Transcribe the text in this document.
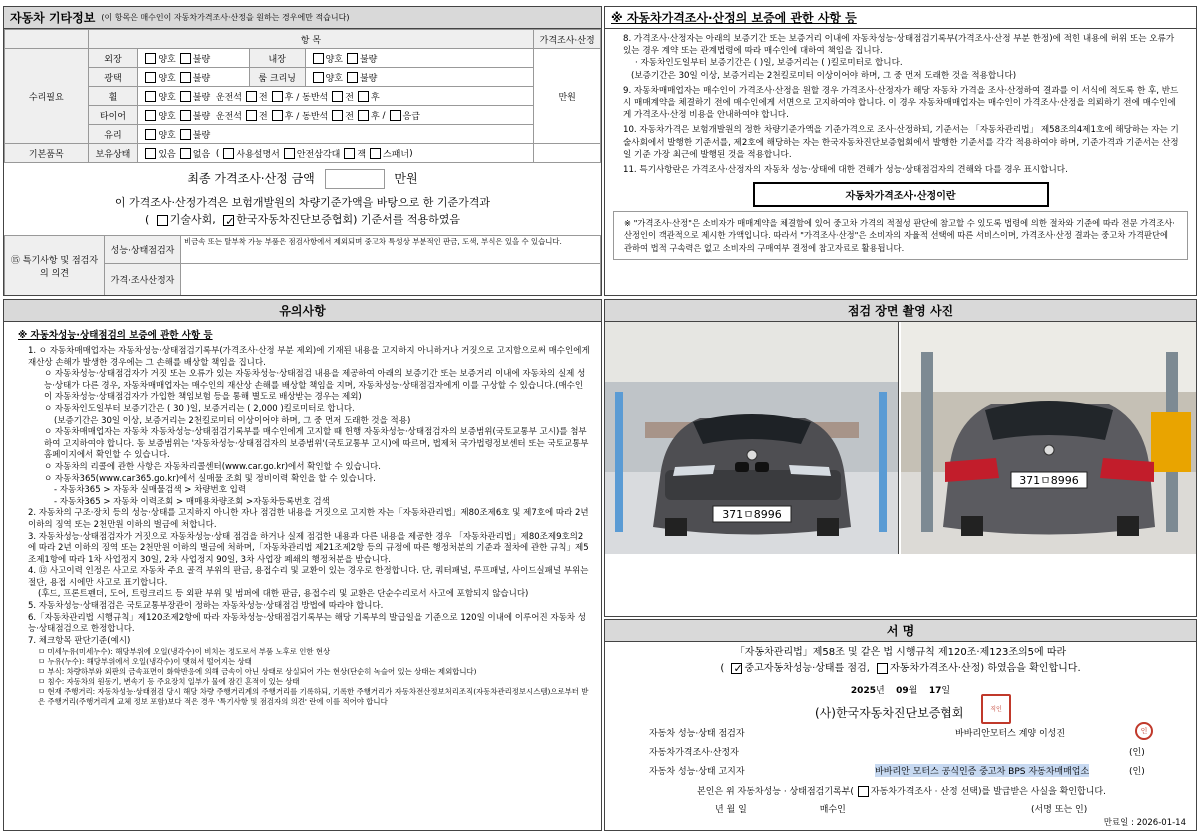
자동차 기타정보 (이 항목은 매수인이 자동차가격조사·산정을 원하는 경우에만 적습니다)
	항 목				가격조사·산정
수리필요	외장	양호 불량	내장	양호 불량	만원
	광택	양호 불량	룸 크리닝	양호 불량	
	휠	양호 불량 운전석 전 후 / 동반석 전 후			
	타이어	양호 불량 운전석 전 후 / 동반석 전 후 / 응급			
	유리	양호 불량			
기본품목	보유상태	있음 없음  ( 사용설명서 안전삼각대 잭 스패너)			
최종 가격조사·산정 금액	만원
이 가격조사·산정가격은 보험개발원의 차량기준가액을 바탕으로 한 기준가격과
( 기술사회, ✓ 한국자동차진단보증협회) 기준서를 적용하였음
⑮ 특기사항 및 점검자의 의견	성능·상태점검자	비금속 또는 탈부착 가능 부품은 점검사항에서 제외되며 중고차 특성상 부분적인 판금, 도색, 부식은 있을 수 있습니다.
	가격·조사산정자	
※ 자동차가격조사·산정의 보증에 관한 사항 등

8. 가격조사·산정자는 아래의 보증기간 또는 보증거리 이내에 자동차성능·상태점검기록부(가격조사·산정 부분 한정)에 적힌 내용에 허위 또는 오류가 있는 경우 계약 또는 관계법령에 따라 매수인에 대하여 책임을 집니다.

· 자동차인도일부터 보증기간은 ( )일, 보증거리는 ( )킬로미터로 합니다.

(보증기간은 30일 이상, 보증거리는 2천킬로미터 이상이어야 하며, 그 중 먼저 도래한 것을 적용합니다)

9. 자동차매매업자는 매수인이 가격조사·산정을 원할 경우 가격조사·산정자가 해당 자동차 가격을 조사·산정하여 결과를 이 서식에 적도록 한 후, 반드시 매매계약을 체결하기 전에 매수인에게 서면으로 고지하여야 합니다. 이 경우 자동차매매업자는 매수인이 가격조사·산정을 의뢰하기 전에 매수인에게 가격조사·산정 비용을 안내하여야 합니다.

10. 자동차가격은 보험개발원의 정한 차량기준가액을 기준가격으로 조사·산정하되, 기준서는 「자동차관리법」 제58조의4제1호에 해당하는 자는 기술사회에서 발행한 기준서를, 제2호에 해당하는 자는 한국자동차진단보증협회에서 발행한 기준서를 각각 적용하여야 하며, 기준가격과 기준서는 산정일 기준 가장 최근에 발행된 것을 적용합니다.

11. 특기사항란은 가격조사·산정자의 자동차 성능·상태에 대한 견해가 성능·상태점검자의 견해와 다를 경우 표시합니다.

자동차가격조사·산정이란
※ "가격조사·산정"은 소비자가 매매계약을 체결함에 있어 중고차 가격의 적절성 판단에 참고할 수 있도록 법령에 의한 절차와 기준에 따라 전문 가격조사·산정인이 객관적으로 제시한 가액입니다. 따라서 "가격조사·산정"은 소비자의 자율적 선택에 따른 서비스이며, 가격조사·산정 결과는 중고차 가격판단에 관하여 법적 구속력은 없고 소비자의 구매여부 결정에 참고자료로 활용됩니다.
유의사항
※ 자동차성능·상태점검의 보증에 관한 사항 등

1. ㅇ 자동차매매업자는 자동차성능·상태점검기록부(가격조사·산정 부분 제외)에 기재된 내용을 고지하지 아니하거나 거짓으로 고지함으로써 매수인에게 재산상 손해가 발생한 경우에는 그 손해를 배상할 책임을 집니다.

ㅇ 자동차성능·상태점검자가 거짓 또는 오류가 있는 자동차성능·상태점검 내용을 제공하여 아래의 보증기간 또는 보증거리 이내에 자동차의 실제 성능·상태가 다른 경우, 자동차매매업자는 매수인의 재산상 손해를 배상할 책임을 지며, 자동차성능·상태점검자에게 이를 구상할 수 있습니다.(매수인이 자동차성능·상태점검자가 가입한 책임보험 등을 통해 별도로 배상받는 경우는 제외)

ㅇ 자동차인도일부터 보증기간은 ( 30 )일, 보증거리는 ( 2,000 )킬로미터로 합니다.

(보증기간은 30일 이상, 보증거리는 2천킬로미터 이상이어야 하며, 그 중 먼저 도래한 것을 적용)

ㅇ 자동차매매업자는 자동차 자동차성능·상태점검기록부를 매수인에게 고지할 때 헌행 자동차성능·상태점검자의 보증범위(국토교통부 고시)를 첨부하여 고지하여야 합니다. 동 보증범위는 '자동차성능·상태점검자의 보증범위'(국토교통부 고시)에 따르며, 법제처 국가법령정보센터 또는 국토교통부 홈페이지에서 확인할 수 있습니다.

ㅇ 자동차의 리콜에 관한 사항은 자동차리콜센터(www.car.go.kr)에서 확인할 수 있습니다.

ㅇ 자동차365(www.car365.go.kr)에서 실매물 조회 및 정비이력 확인을 할 수 있습니다.

- 자동차365 > 자동차 실매물검색 > 차량번호 입력

- 자동차365 > 자동차 이력조회 > 매매용차량조회 >자동차등록번호 검색

2. 자동차의 구조·장치 등의 성능·상태를 고지하지 아니한 자나 점검한 내용을 거짓으로 고지한 자는「자동차관리법」제80조제6호 및 제7호에 따라 2년 이하의 징역 또는 2천만원 이하의 벌금에 처합니다.

3. 자동차성능·상태점검자가 거짓으로 자동차성능·상태 점검을 하거나 실제 점검한 내용과 다른 내용을 제공한 경우 「자동차관리법」제80조제9호의2에 따라 2년 이하의 징역 또는 2천만원 이하의 벌금에 처하며,「자동차관리법 제21조제2항 등의 규정에 따른 행정처분의 기준과 절차에 관한 규칙」제5조제1항에 따라 1차 사업정지 30일, 2차 사업정지 90일, 3차 사업장 폐쇄의 행정처분을 받습니다.

4. ⑫ 사고이력 인정은 사고로 자동차 주요 골격 부위의 판금, 용접수리 및 교환이 있는 경우로 한정합니다. 단, 쿼터패널, 루프패널, 사이드실패널 부위는 절단, 용접 시에만 사고로 표기합니다.

(후드, 프론트펜더, 도어, 트렁크리드 등 외판 부위 및 범퍼에 대한 판금, 용접수리 및 교환은 단순수리로서 사고에 포함되지 않습니다)

5. 자동차성능·상태점검은 국토교통부장관이 정하는 자동차성능·상태점검 방법에 따라야 합니다.

6.「자동차관리법 시행규칙」제120조제2항에 따라 자동차성능·상태점검기록부는 해당 기록부의 발급일을 기준으로 120일 이내에 이루어진 자동차 성능·상태점검으로 한정합니다.

7. 체크항목 판단기준(예시)

ㅁ 미세누유(미세누수): 해당부위에 오일(냉각수)이 비치는 정도로서 부품 노후로 인한 현상

ㅁ 누유(누수): 해당부위에서 오일(냉각수)이 맺혀서 떨어지는 상태

ㅁ 부식: 차량하부와 외판의 금속표면이 화학반응에 의해 금속이 아닌 상태로 상실되어 가는 현상(단순히 녹슬어 있는 상태는 제외합니다)

ㅁ 침수: 자동차의 원동기, 변속기 등 주요장치 일부가 물에 잠긴 흔적이 있는 상태

ㅁ 현재 주행거리: 자동차성능·상태점검 당시 해당 차량 주행거리계의 주행거리를 기록하되, 기록한 주행거리가 자동차전산정보처리조직(자동차관리정보시스템)으로부터 받은 주행거리(주행거리계 교체 정보 포함)보다 적은 경우 '특기사항 및 점검자의 의견' 란에 이를 적어야 합니다

점검 장면 촬영 사진
371ㅁ8996
371ㅁ8996
서 명
「자동차관리법」제58조 및 같은 법 시행규칙 제120조·제123조의5에 따라
( ✓중고자동차성능·상태를 점검, 자동차가격조사·산정) 하였음을 확인합니다.
2025년 09월 17일
(사)한국자동차진단보증협회	직인
자동차 성능·상태 점검자	바바리안모터스 계양 이성진	인
자동차가격조사·산정자	(인)
자동차 성능·상태 고지자	바바리안 모터스 공식인증 중고차 BPS 자동차매매업소	(인)
본인은 위 자동차성능 · 상태점검기록부( 자동차가격조사 · 산정 선택)를 발급받은 사실을 확인합니다.
년 월 일	매수인	(서명 또는 인)
만료일 : 2026-01-14
